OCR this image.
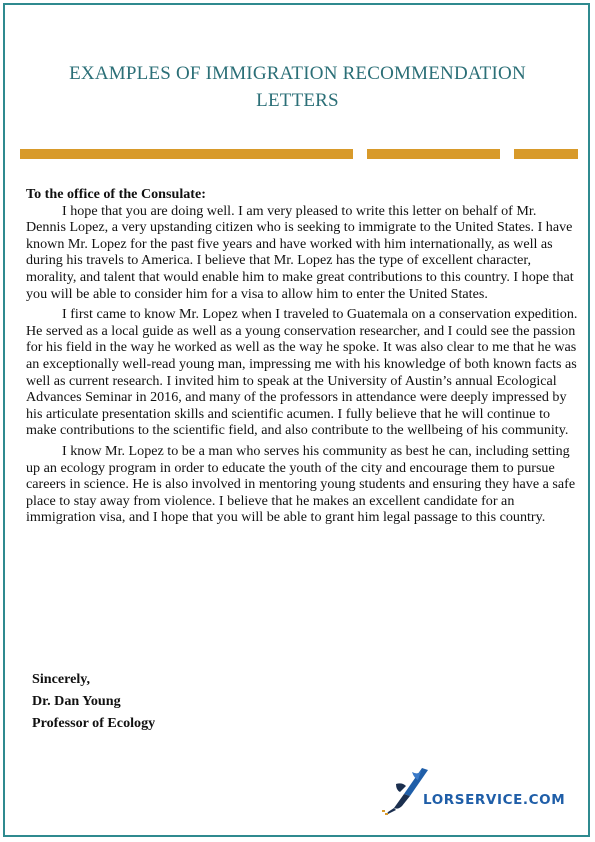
EXAMPLES OF IMMIGRATION RECOMMENDATION
LETTERS

To the office of the Consulate:

I hope that you are doing well. I am very pleased to write this letter on behalf of Mr. Dennis Lopez, a very upstanding citizen who is seeking to immigrate to the United States. I have known Mr. Lopez for the past five years and have worked with him internationally, as well as during his travels to America. I believe that Mr. Lopez has the type of excellent character, morality, and talent that would enable him to make great contributions to this country. I hope that you will be able to consider him for a visa to allow him to enter the United States.

I first came to know Mr. Lopez when I traveled to Guatemala on a conservation expedition. He served as a local guide as well as a young conservation researcher, and I could see the passion for his field in the way he worked as well as the way he spoke. It was also clear to me that he was an exceptionally well-read young man, impressing me with his knowledge of both known facts as well as current research. I invited him to speak at the University of Austin’s annual Ecological Advances Seminar in 2016, and many of the professors in attendance were deeply impressed by his articulate presentation skills and scientific acumen. I fully believe that he will continue to make contributions to the scientific field, and also contribute to the wellbeing of his community.

I know Mr. Lopez to be a man who serves his community as best he can, including setting up an ecology program in order to educate the youth of the city and encourage them to pursue careers in science. He is also involved in mentoring young students and ensuring they have a safe place to stay away from violence. I believe that he makes an excellent candidate for an immigration visa, and I hope that you will be able to grant him legal passage to this country.

Sincerely,
Dr. Dan Young
Professor of Ecology
LORSERVICE.COM
